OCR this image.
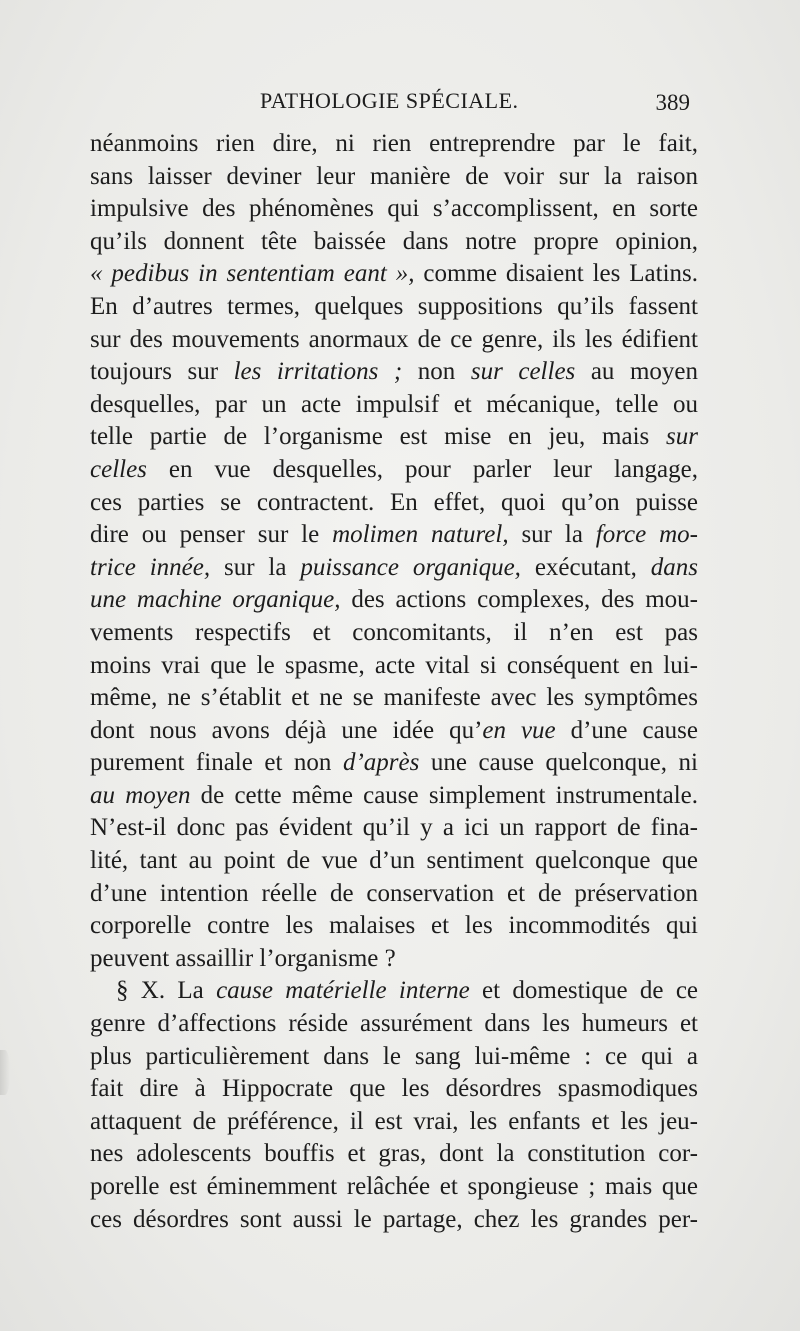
PATHOLOGIE SPÉCIALE.	389
néanmoins rien dire, ni rien entreprendre par le fait,
sans laisser deviner leur manière de voir sur la raison
impulsive des phénomènes qui s’accomplissent, en sorte
qu’ils donnent tête baissée dans notre propre opinion,
« pedibus in sententiam eant », comme disaient les Latins.
En d’autres termes, quelques suppositions qu’ils fassent
sur des mouvements anormaux de ce genre, ils les édifient
toujours sur les irritations ; non sur celles au moyen
desquelles, par un acte impulsif et mécanique, telle ou
telle partie de l’organisme est mise en jeu, mais sur
celles en vue desquelles, pour parler leur langage,
ces parties se contractent. En effet, quoi qu’on puisse
dire ou penser sur le molimen naturel, sur la force mo-
trice innée, sur la puissance organique, exécutant, dans
une machine organique, des actions complexes, des mou-
vements respectifs et concomitants, il n’en est pas
moins vrai que le spasme, acte vital si conséquent en lui-
même, ne s’établit et ne se manifeste avec les symptômes
dont nous avons déjà une idée qu’en vue d’une cause
purement finale et non d’après une cause quelconque, ni
au moyen de cette même cause simplement instrumentale.
N’est-il donc pas évident qu’il y a ici un rapport de fina-
lité, tant au point de vue d’un sentiment quelconque que
d’une intention réelle de conservation et de préservation
corporelle contre les malaises et les incommodités qui
peuvent assaillir l’organisme ?
§ X. La cause matérielle interne et domestique de ce
genre d’affections réside assurément dans les humeurs et
plus particulièrement dans le sang lui-même : ce qui a
fait dire à Hippocrate que les désordres spasmodiques
attaquent de préférence, il est vrai, les enfants et les jeu-
nes adolescents bouffis et gras, dont la constitution cor-
porelle est éminemment relâchée et spongieuse ; mais que
ces désordres sont aussi le partage, chez les grandes per-
